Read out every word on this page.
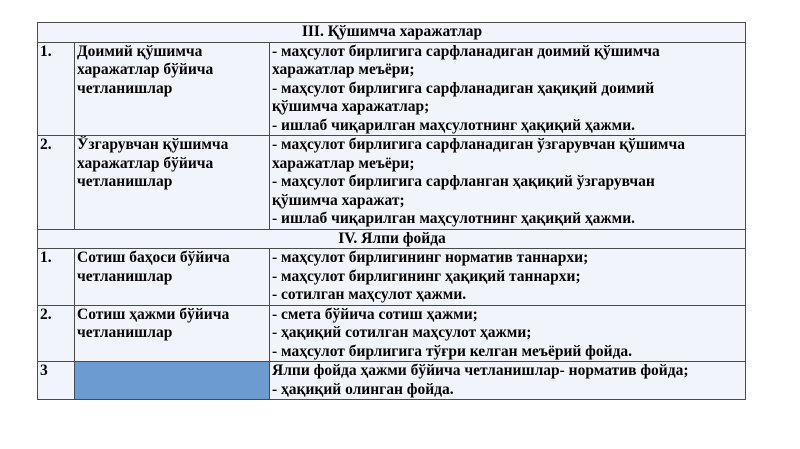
III. Қўшимча харажатлар		
1.	Доимий қўшимча
харажатлар бўйича
четланишлар	- маҳсулот бирлигига сарфланадиган доимий қўшимча
харажатлар меъёри;
- маҳсулот бирлигига сарфланадиган ҳақиқий доимий
қўшимча харажатлар;
- ишлаб чиқарилган маҳсулотнинг ҳақиқий ҳажми.

2.	Ўзгарувчан қўшимча
харажатлар бўйича
четланишлар	- маҳсулот бирлигига сарфланадиган ўзгарувчан қўшимча
харажатлар меъёри;
- маҳсулот бирлигига сарфланган ҳақиқий ўзгарувчан
қўшимча харажат;
- ишлаб чиқарилган маҳсулотнинг ҳақиқий ҳажми.

IV. Ялпи фойда		
1.	Сотиш баҳоси бўйича
четланишлар	- маҳсулот бирлигининг норматив таннархи;
- маҳсулот бирлигининг ҳақиқий таннархи;
- сотилган маҳсулот ҳажми.

2.	Сотиш ҳажми бўйича
четланишлар	- смета бўйича сотиш ҳажми;
- ҳақиқий сотилган маҳсулот ҳажми;
- маҳсулот бирлигига тўғри келган меъёрий фойда.

3		Ялпи фойда ҳажми бўйича четланишлар- норматив фойда;
- ҳақиқий олинган фойда.
